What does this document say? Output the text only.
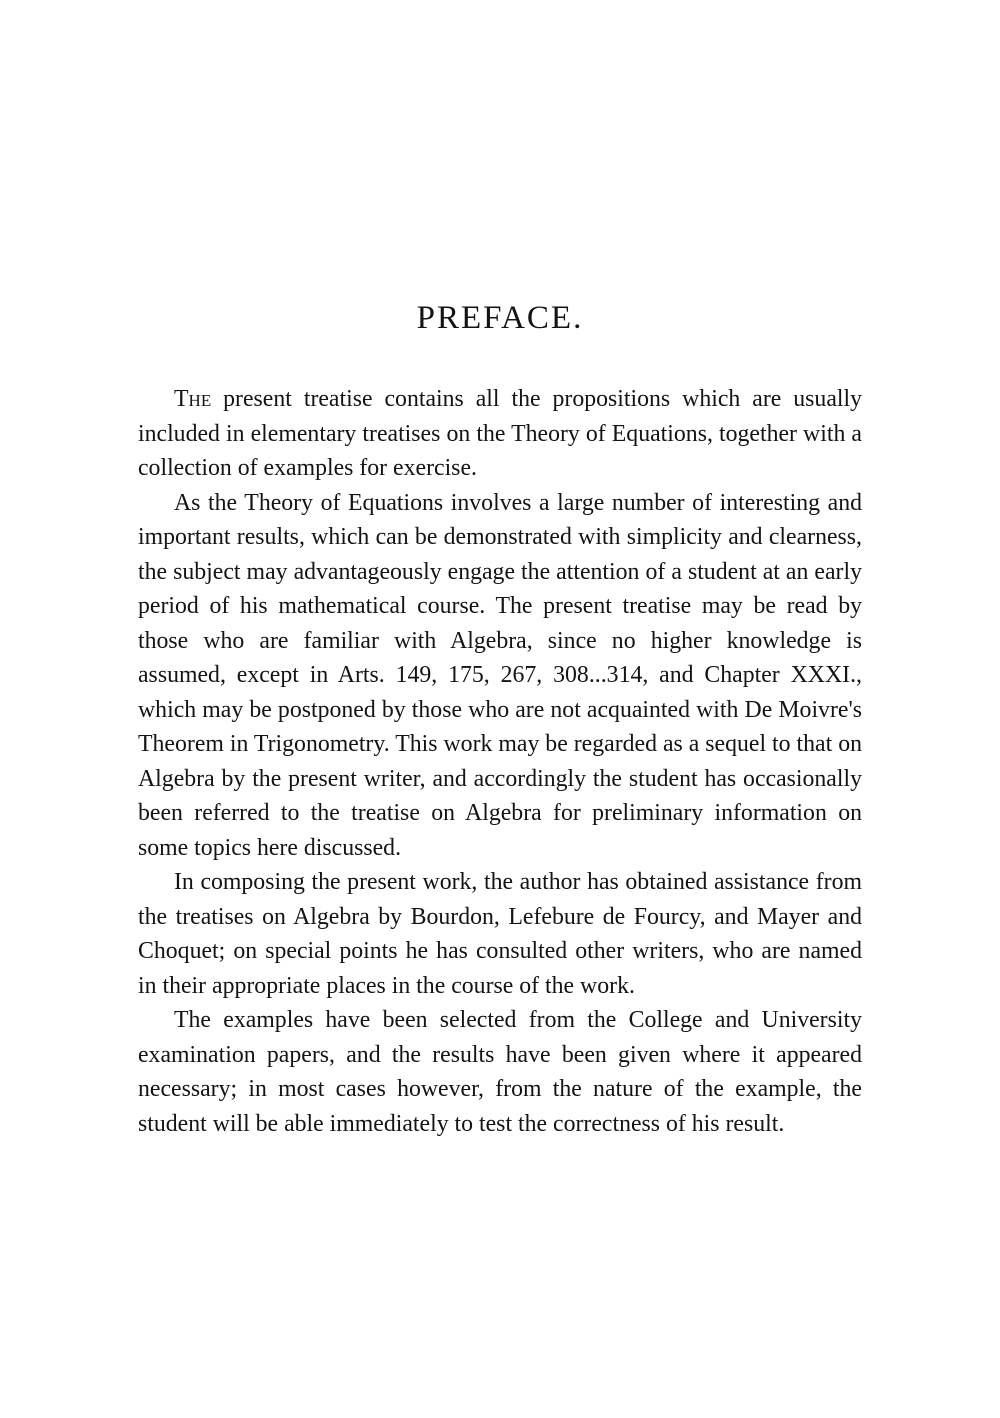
PREFACE.

The present treatise contains all the propositions which are usually included in elementary treatises on the Theory of Equations, together with a collection of examples for exercise.

As the Theory of Equations involves a large number of interesting and important results, which can be demonstrated with simplicity and clearness, the subject may advantageously engage the attention of a student at an early period of his mathematical course. The present treatise may be read by those who are familiar with Algebra, since no higher knowledge is assumed, except in Arts. 149, 175, 267, 308...314, and Chapter XXXI., which may be postponed by those who are not acquainted with De Moivre's Theorem in Trigonometry. This work may be regarded as a sequel to that on Algebra by the present writer, and accordingly the student has occasionally been referred to the treatise on Algebra for preliminary information on some topics here discussed.

In composing the present work, the author has obtained assistance from the treatises on Algebra by Bourdon, Lefebure de Fourcy, and Mayer and Choquet; on special points he has consulted other writers, who are named in their appropriate places in the course of the work.

The examples have been selected from the College and University examination papers, and the results have been given where it appeared necessary; in most cases however, from the nature of the example, the student will be able immediately to test the correctness of his result.
